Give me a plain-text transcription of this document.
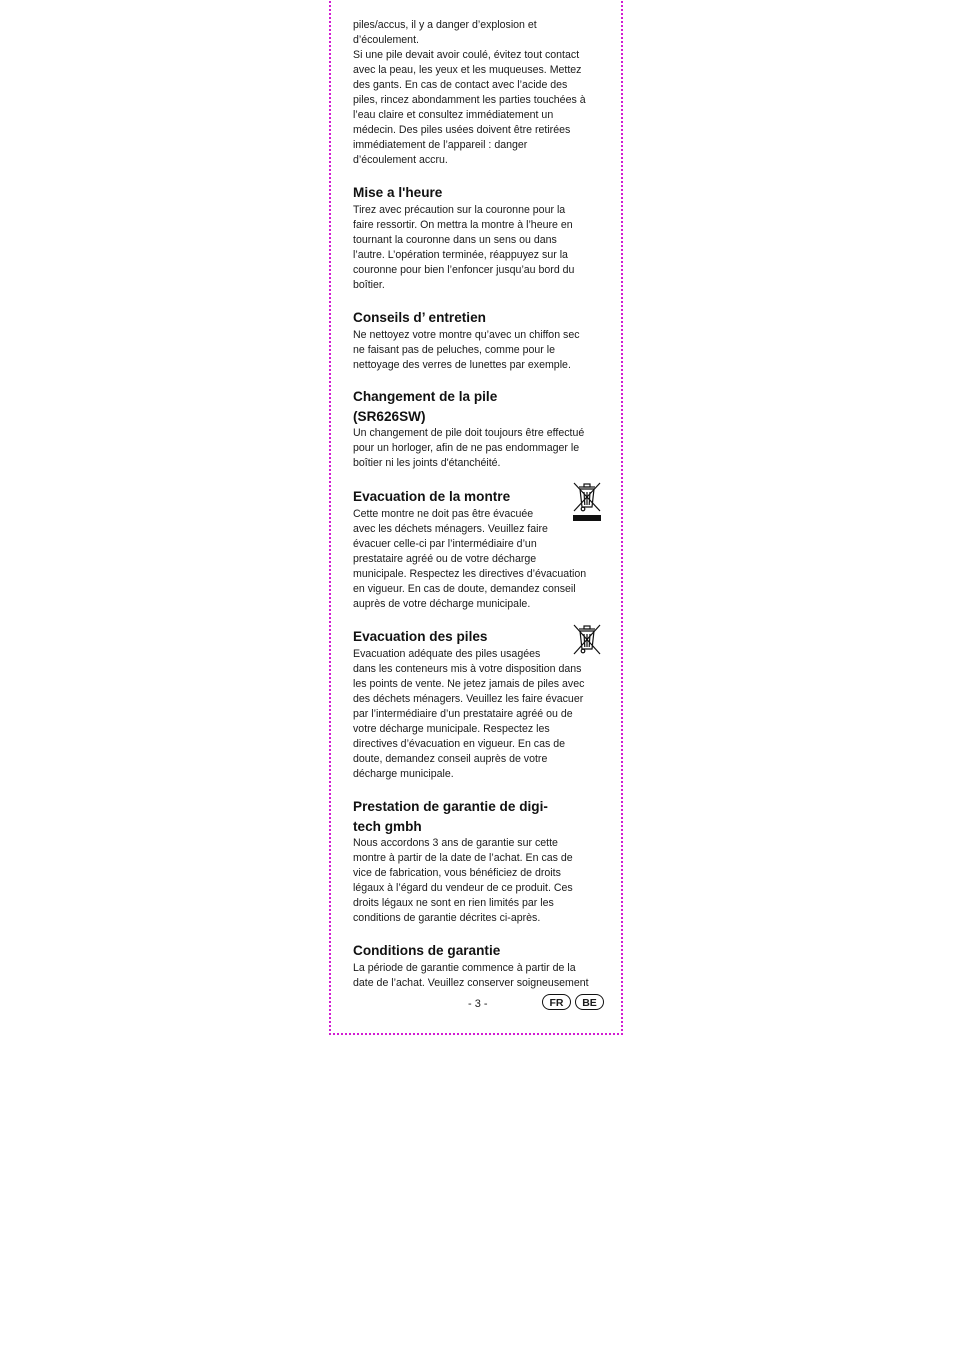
piles/accus, il y a danger d’explosion et
d’écoulement.
Si une pile devait avoir coulé, évitez tout contact
avec la peau, les yeux et les muqueuses. Mettez
des gants. En cas de contact avec l’acide des
piles, rincez abondamment les parties touchées à
l’eau claire et consultez immédiatement un
médecin. Des piles usées doivent être retirées
immédiatement de l’appareil : danger
d’écoulement accru.

Mise a l'heure

Tirez avec précaution sur la couronne pour la
faire ressortir. On mettra la montre à l’heure en
tournant la couronne dans un sens ou dans
l’autre. L’opération terminée, réappuyez sur la
couronne pour bien l’enfoncer jusqu’au bord du
boîtier.

Conseils d’ entretien

Ne nettoyez votre montre qu’avec un chiffon sec
ne faisant pas de peluches, comme pour le
nettoyage des verres de lunettes par exemple.

Changement de la pile
(SR626SW)

Un changement de pile doit toujours être effectué
pour un horloger, afin de ne pas endommager le
boîtier ni les joints d'étanchéité.

Evacuation de la montre

Cette montre ne doit pas être évacuée
avec les déchets ménagers. Veuillez faire
évacuer celle-ci par l’intermédiaire d’un
prestataire agréé ou de votre décharge
municipale. Respectez les directives d’évacuation
en vigueur. En cas de doute, demandez conseil
auprès de votre décharge municipale.

Evacuation des piles

Evacuation adéquate des piles usagées
dans les conteneurs mis à votre disposition dans
les points de vente. Ne jetez jamais de piles avec
des déchets ménagers. Veuillez les faire évacuer
par l’intermédiaire d’un prestataire agréé ou de
votre décharge municipale. Respectez les
directives d’évacuation en vigueur. En cas de
doute, demandez conseil auprès de votre
décharge municipale.

Prestation de garantie de digi-
tech gmbh

Nous accordons 3 ans de garantie sur cette
montre à partir de la date de l’achat. En cas de
vice de fabrication, vous bénéficiez de droits
légaux à l’égard du vendeur de ce produit. Ces
droits légaux ne sont en rien limités par les
conditions de garantie décrites ci-après.

Conditions de garantie

La période de garantie commence à partir de la
date de l’achat. Veuillez conserver soigneusement

- 3 -	FR	BE
